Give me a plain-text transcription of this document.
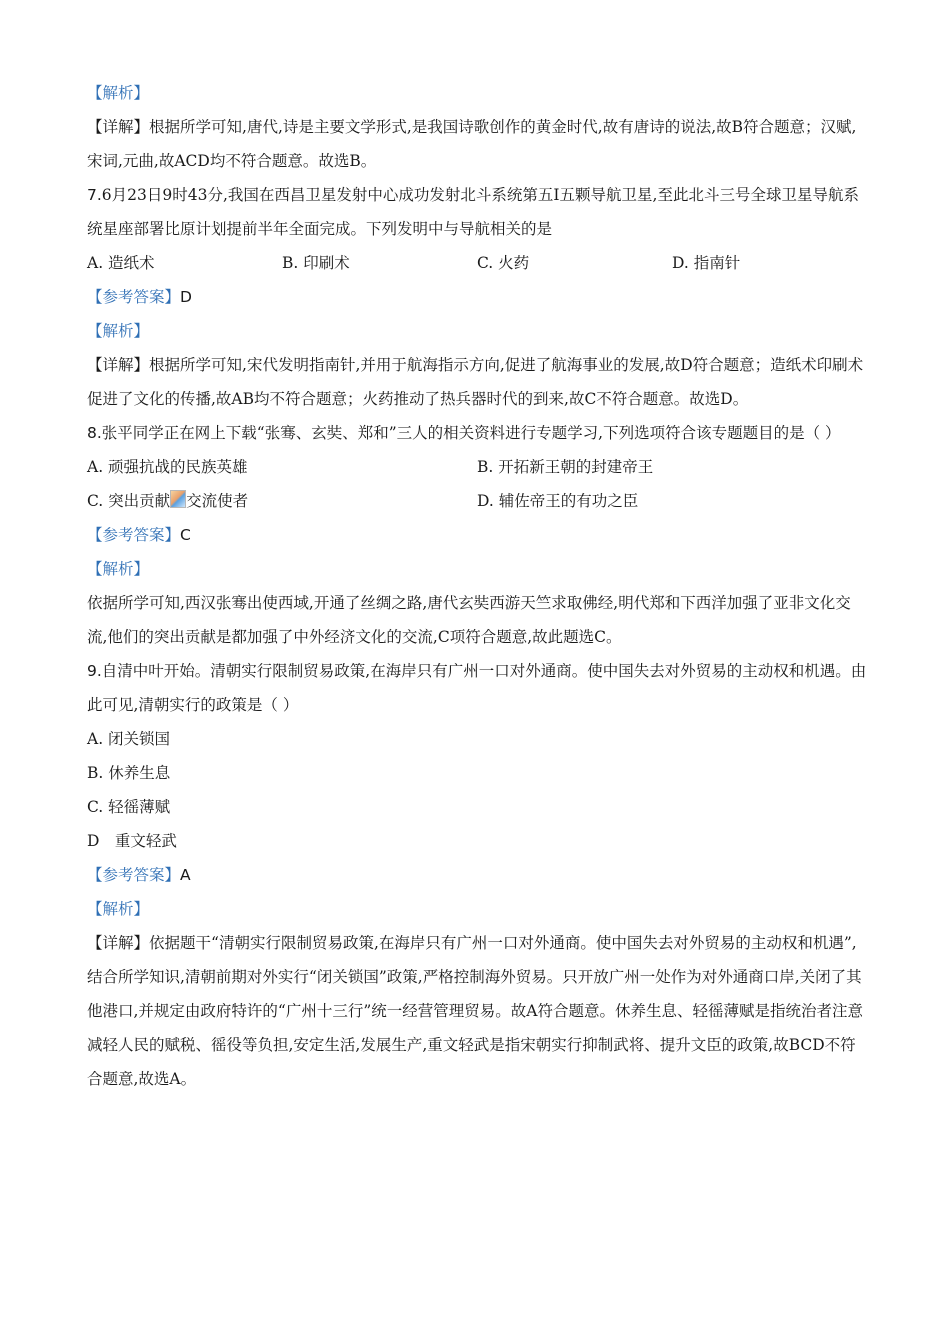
【解析】
【详解】根据所学可知,唐代,诗是主要文学形式,是我国诗歌创作的黄金时代,故有唐诗的说法,故B符合题意；汉赋,宋词,元曲,故ACD均不符合题意。故选B。
7.6月23日9时43分,我国在西昌卫星发射中心成功发射北斗系统第五Ⅰ五颗导航卫星,至此北斗三号全球卫星导航系统星座部署比原计划提前半年全面完成。下列发明中与导航相关的是
A. 造纸术	B. 印刷术	C. 火药	D. 指南针
【参考答案】D
【解析】
【详解】根据所学可知,宋代发明指南针,并用于航海指示方向,促进了航海事业的发展,故D符合题意；造纸术印刷术促进了文化的传播,故AB均不符合题意；火药推动了热兵器时代的到来,故C不符合题意。故选D。
8.张平同学正在网上下载“张骞、玄奘、郑和”三人的相关资料进行专题学习,下列选项符合该专题题目的是（ ）
A. 顽强抗战的民族英雄	B. 开拓新王朝的封建帝王
C. 突出贡献 交流使者	D. 辅佐帝王的有功之臣
【参考答案】C
【解析】
依据所学可知,西汉张骞出使西域,开通了丝绸之路,唐代玄奘西游天竺求取佛经,明代郑和下西洋加强了亚非文化交流,他们的突出贡献是都加强了中外经济文化的交流,C项符合题意,故此题选C。
9.自清中叶开始。清朝实行限制贸易政策,在海岸只有广州一口对外通商。使中国失去对外贸易的主动权和机遇。由此可见,清朝实行的政策是（ ）
A. 闭关锁国
B. 休养生息
C. 轻徭薄赋
D 重文轻武
【参考答案】A
【解析】
【详解】依据题干“清朝实行限制贸易政策,在海岸只有广州一口对外通商。使中国失去对外贸易的主动权和机遇”,结合所学知识,清朝前期对外实行“闭关锁国”政策,严格控制海外贸易。只开放广州一处作为对外通商口岸,关闭了其他港口,并规定由政府特许的“广州十三行”统一经营管理贸易。故A符合题意。休养生息、轻徭薄赋是指统治者注意减轻人民的赋税、徭役等负担,安定生活,发展生产,重文轻武是指宋朝实行抑制武将、提升文臣的政策,故BCD不符合题意,故选A。
